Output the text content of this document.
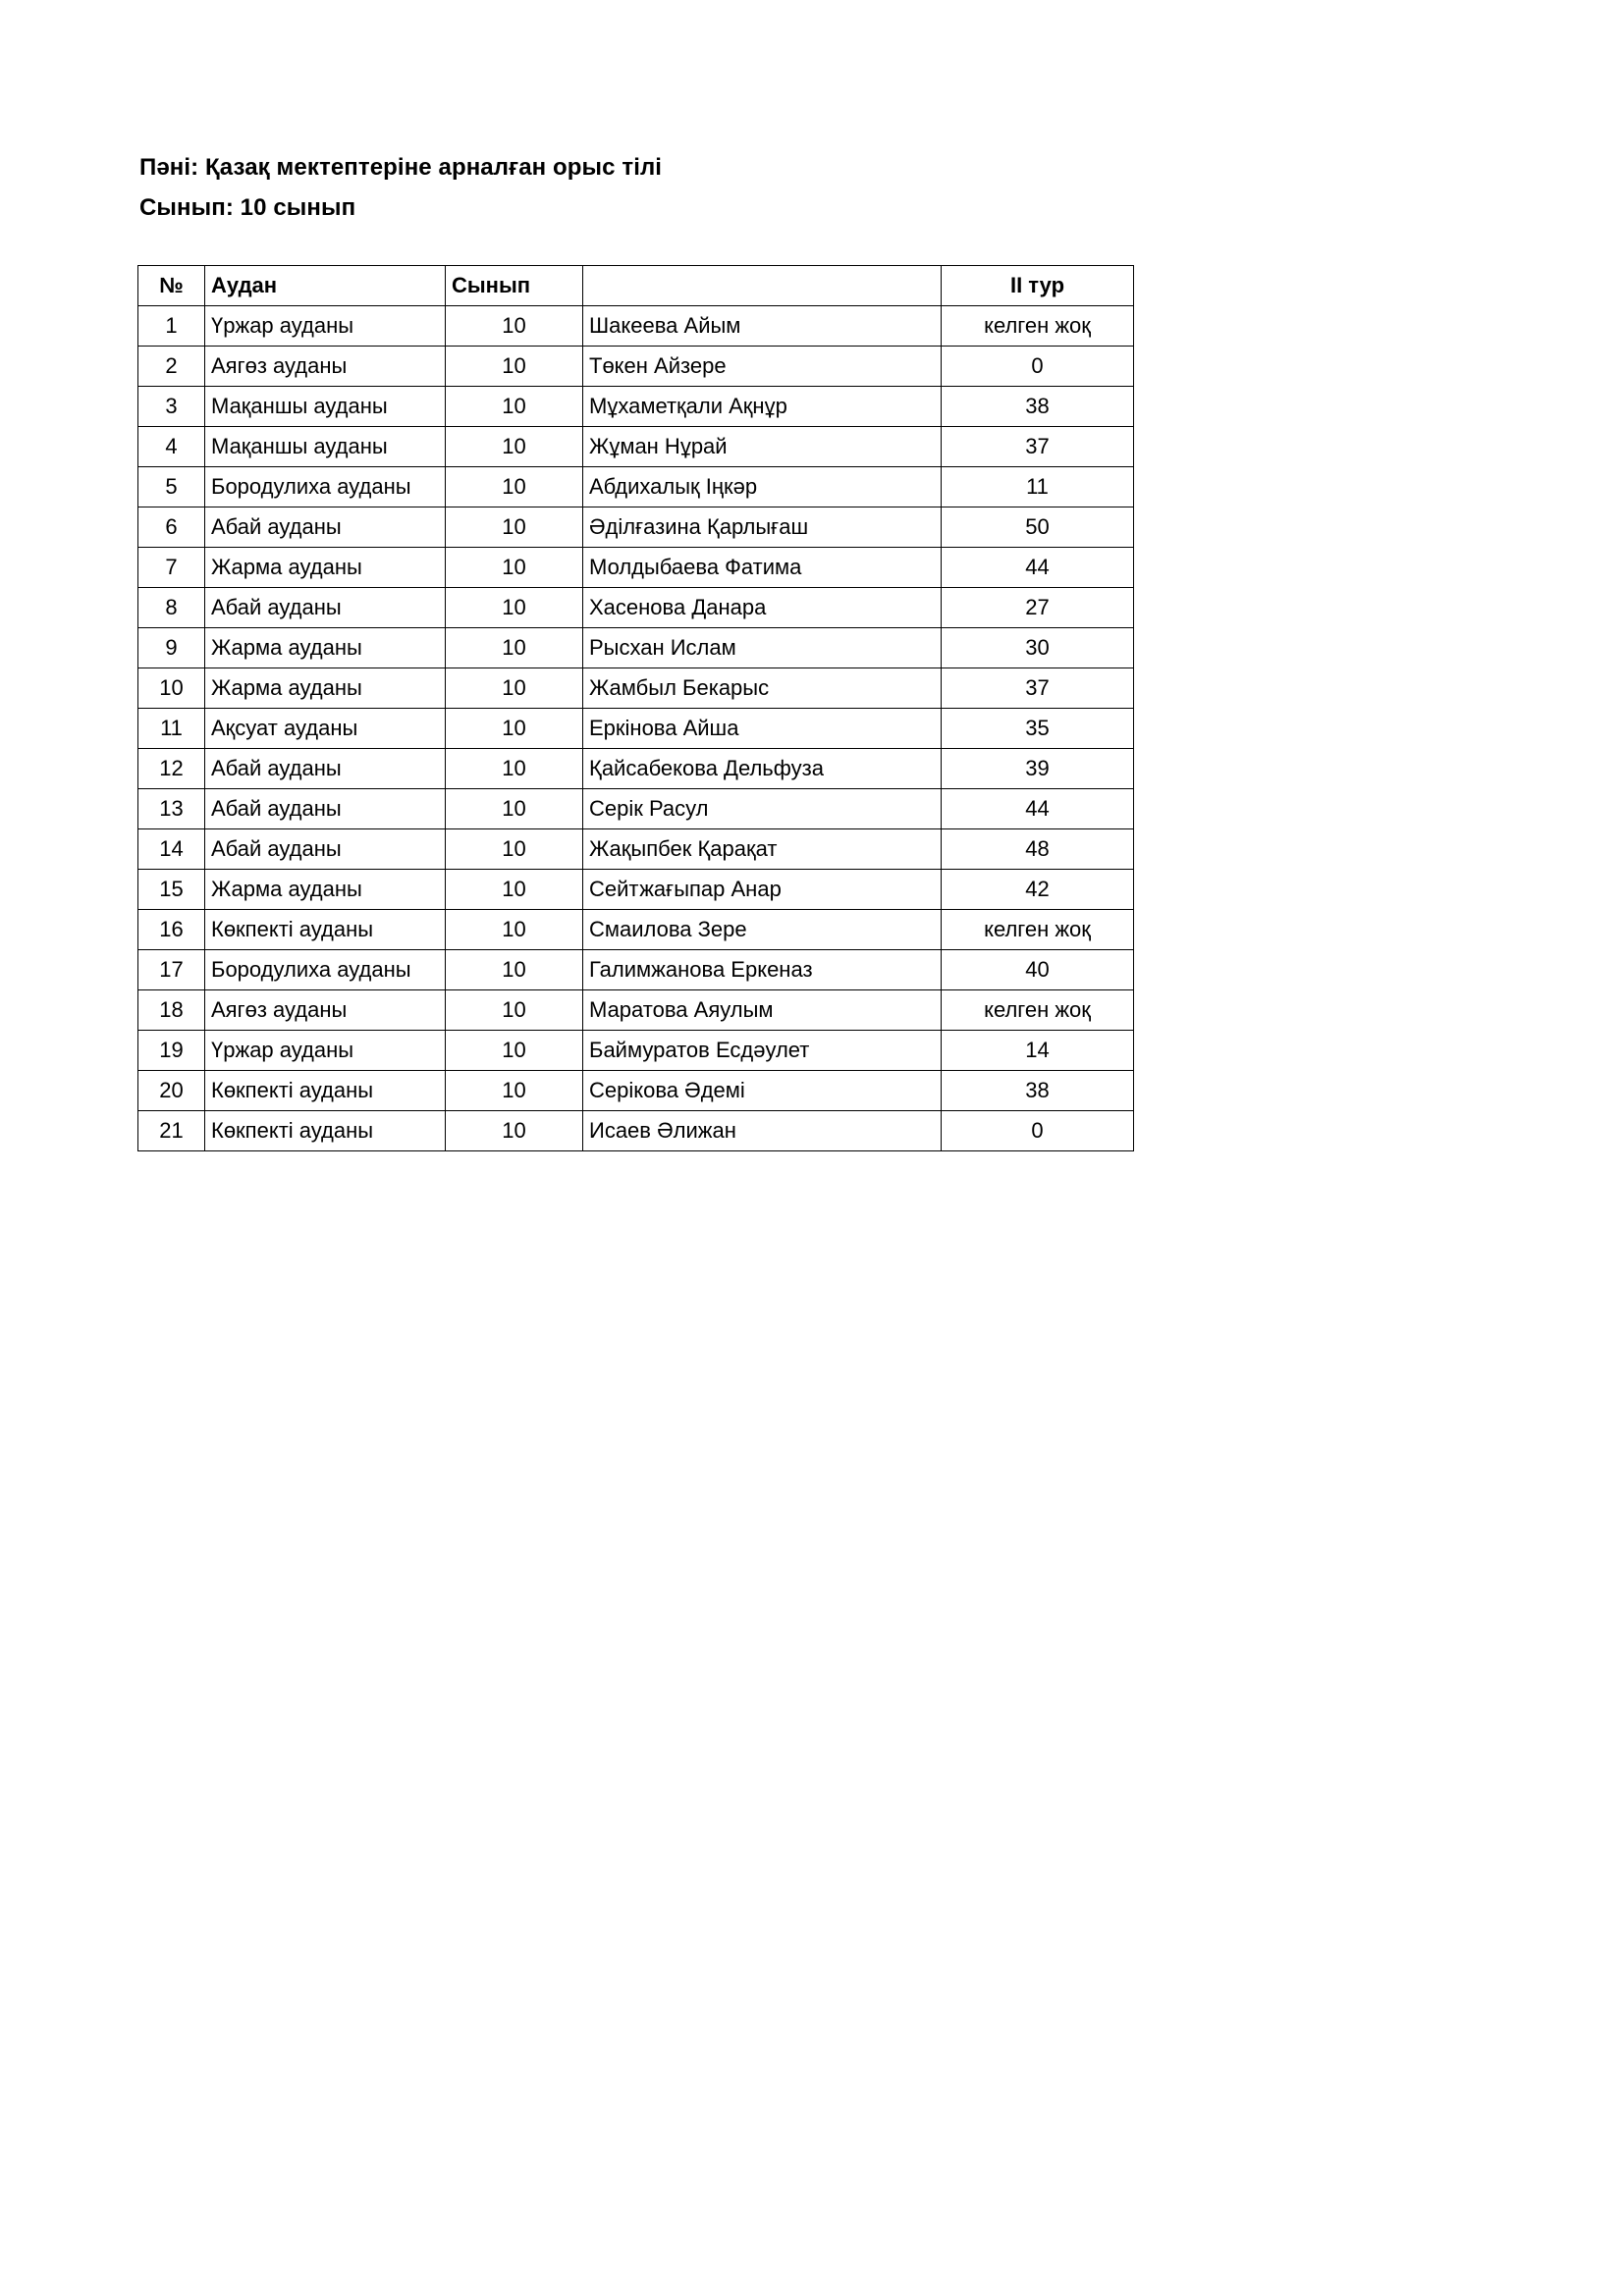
Пәні: Қазақ мектептеріне арналған орыс тілі
Сынып: 10 сынып
№	Аудан	Сынып		II тур
1	Үржар ауданы	10	Шакеева Айым	келген жоқ
2	Аягөз ауданы	10	Төкен Айзере	0
3	Мақаншы ауданы	10	Мұхаметқали Ақнұр	38
4	Мақаншы ауданы	10	Жұман Нұрай	37
5	Бородулиха ауданы	10	Абдихалық Іңкәр	11
6	Абай ауданы	10	Әділғазина Қарлығаш	50
7	Жарма ауданы	10	Молдыбаева Фатима	44
8	Абай ауданы	10	Хасенова Данара	27
9	Жарма ауданы	10	Рысхан Ислам	30
10	Жарма ауданы	10	Жамбыл Бекарыс	37
11	Ақсуат ауданы	10	Еркінова Айша	35
12	Абай ауданы	10	Қайсабекова Дельфуза	39
13	Абай ауданы	10	Серік Расул	44
14	Абай ауданы	10	Жақыпбек Қарақат	48
15	Жарма ауданы	10	Сейтжағыпар Анар	42
16	Көкпекті ауданы	10	Смаилова Зере	келген жоқ
17	Бородулиха ауданы	10	Галимжанова Еркеназ	40
18	Аягөз ауданы	10	Маратова Аяулым	келген жоқ
19	Үржар ауданы	10	Баймуратов Есдәулет	14
20	Көкпекті ауданы	10	Серікова Әдемі	38
21	Көкпекті ауданы	10	Исаев Әлижан	0
